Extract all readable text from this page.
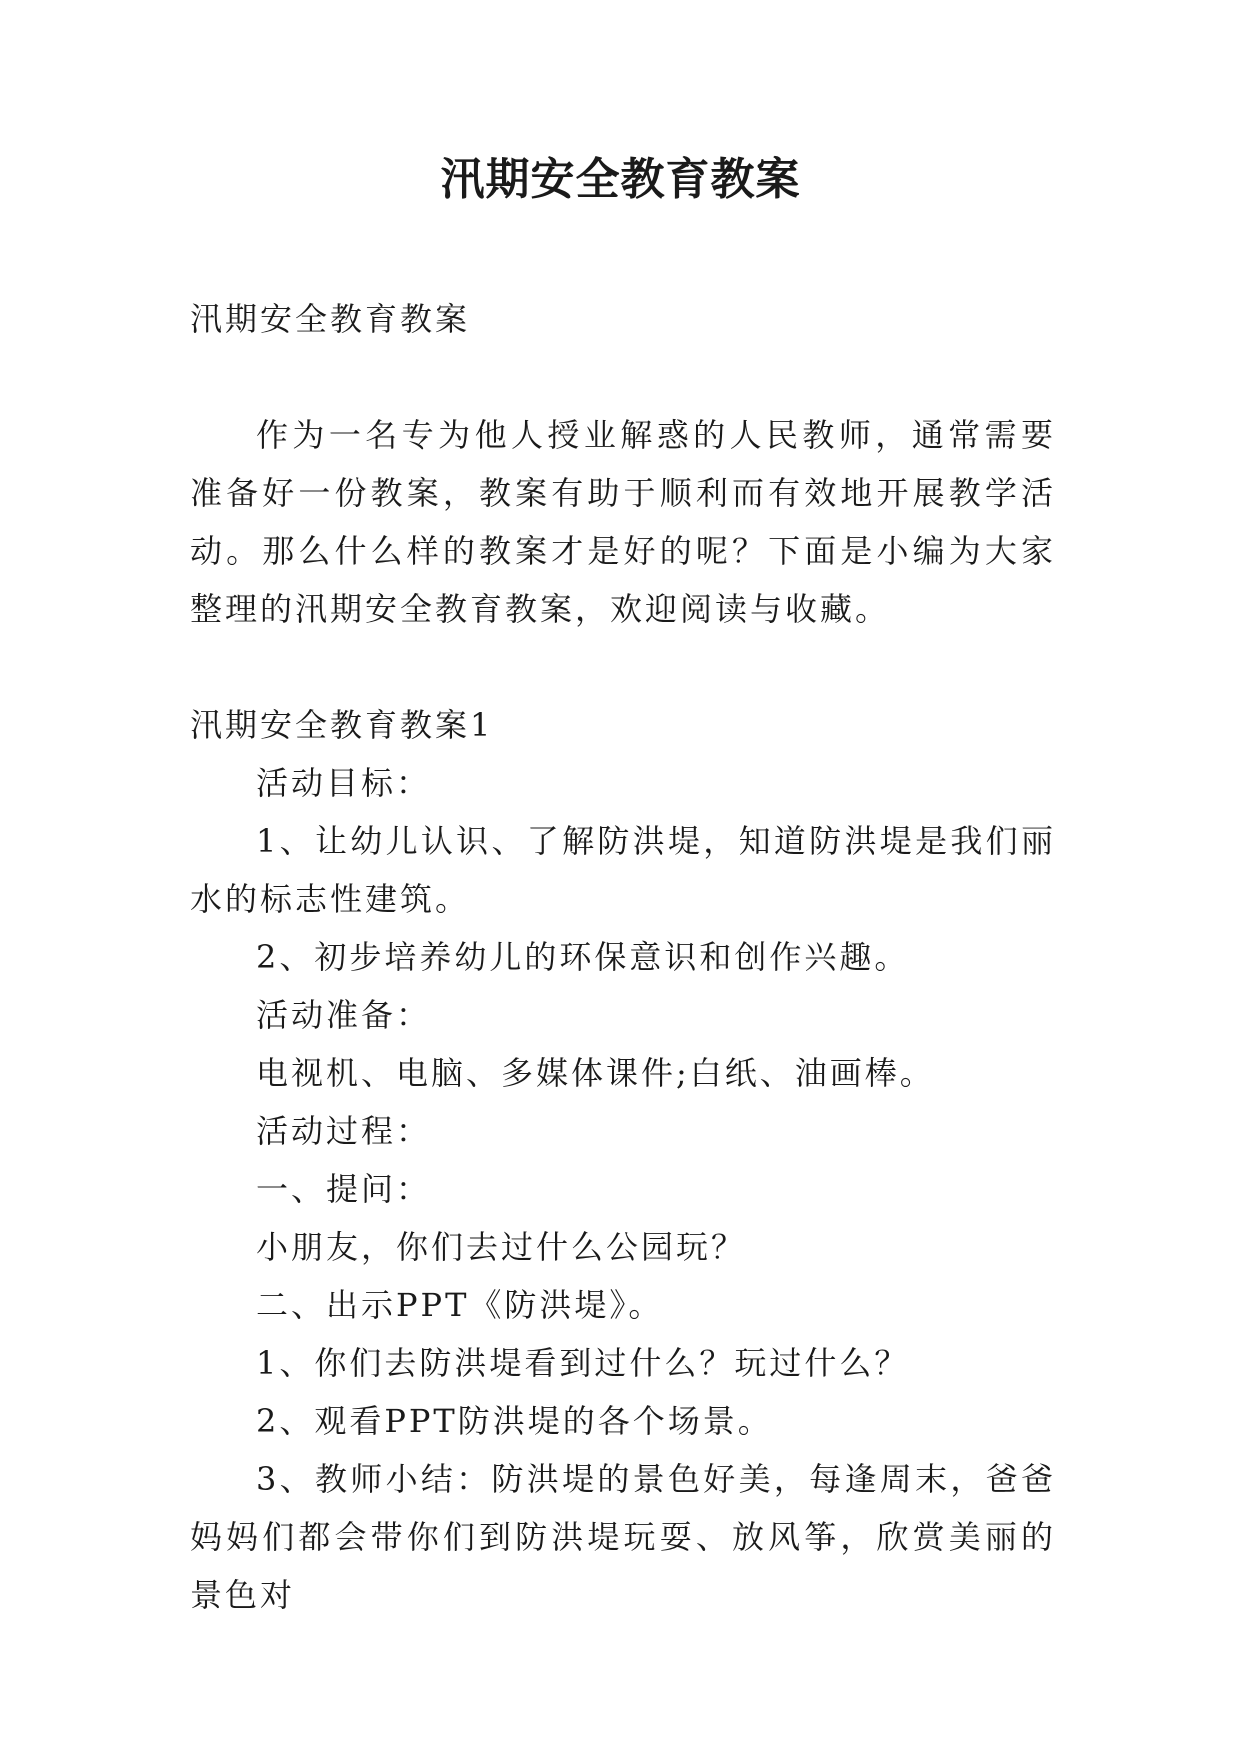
汛期安全教育教案

汛期安全教育教案

作为一名专为他人授业解惑的人民教师，通常需要准备好一份教案，教案有助于顺利而有效地开展教学活动。那么什么样的教案才是好的呢？下面是小编为大家整理的汛期安全教育教案，欢迎阅读与收藏。

汛期安全教育教案1

活动目标：

1、让幼儿认识、了解防洪堤，知道防洪堤是我们丽水的标志性建筑。

2、初步培养幼儿的环保意识和创作兴趣。

活动准备：

电视机、电脑、多媒体课件;白纸、油画棒。

活动过程：

一、提问：

小朋友，你们去过什么公园玩？

二、出示PPT《防洪堤》。

1、你们去防洪堤看到过什么？玩过什么？

2、观看PPT防洪堤的各个场景。

3、教师小结：防洪堤的景色好美，每逢周末，爸爸妈妈们都会带你们到防洪堤玩耍、放风筝，欣赏美丽的景色对
